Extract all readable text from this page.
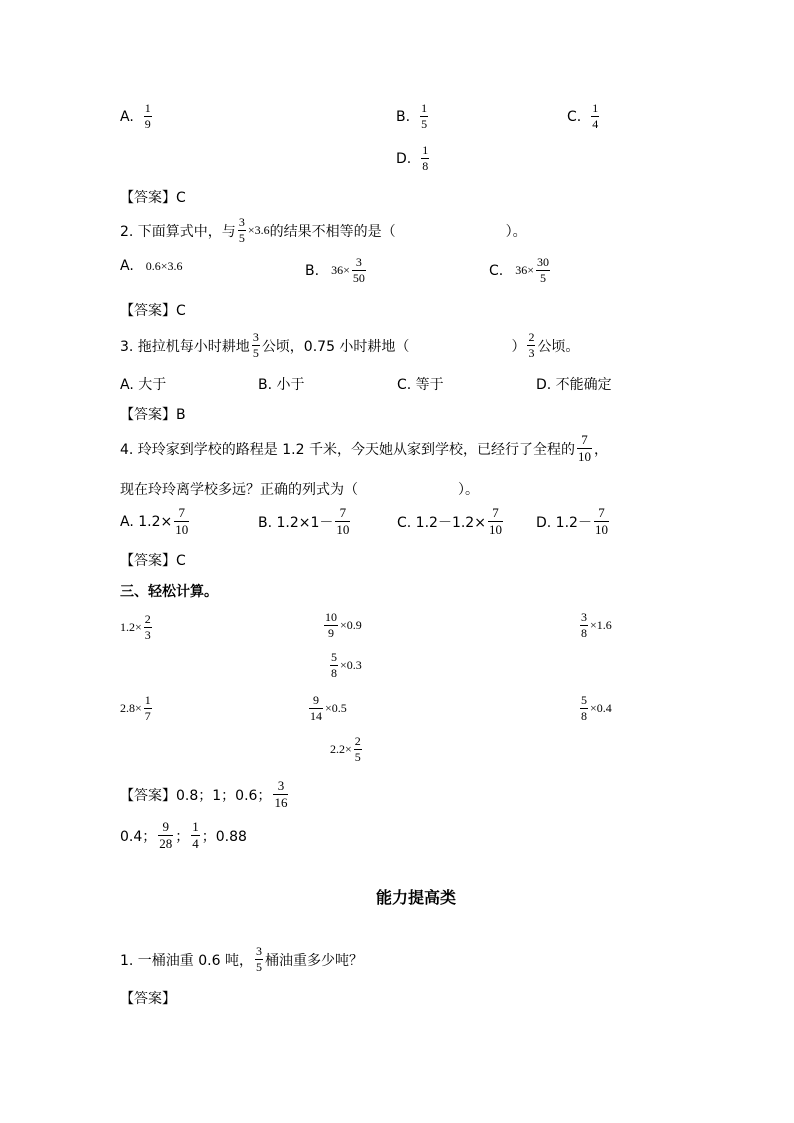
A. $\frac{1}{9}$	B. $\frac{1}{5}$	C. $\frac{1}{4}$
D. $\frac{1}{8}$
【答案】C
2. 下面算式中，与 $\frac{3}{5} \times 3.6$ 的结果不相等的是（	）。
A. 0.6×3.6	B. $36\times \frac{3}{50}$	C. $36\times \frac{30}{5}$
【答案】C
3. 拖拉机每小时耕地 $\frac{3}{5}$ 公顷，0.75 小时耕地（	） $\frac{2}{3}$ 公顷。
A. 大于	B. 小于	C. 等于	D. 不能确定
【答案】B
4. 玲玲家到学校的路程是 1.2 千米，今天她从家到学校，已经行了全程的 $\frac{7}{10}$ ，
现在玲玲离学校多远？正确的列式为（	）。
A. $1.2\times \frac{7}{10}$	B. $1.2\times 1- \frac{7}{10}$	C. $1.2-1.2\times \frac{7}{10} D$. $1.2- \frac{7}{10}$
【答案】C
三、轻松计算。
$1.2\times \frac{2}{3}$	$\frac{10}{9} \times 0.9$	$\frac{3}{8} \times 1.6$
$\frac{5}{8} \times 0.3$
$2.8\times \frac{1}{7}$	$\frac{9}{14} \times 0.5$	$\frac{5}{8} \times 0.4$
$2.2\times \frac{2}{5}$
【答案】0.8；1；0.6； $\frac{3}{16}$
0.4； $\frac{9}{28}$ ； $\frac{1}{4}$ ；0.88
能力提高类
1. 一桶油重 0.6 吨， $\frac{3}{5}$ 桶油重多少吨？
【答案】
